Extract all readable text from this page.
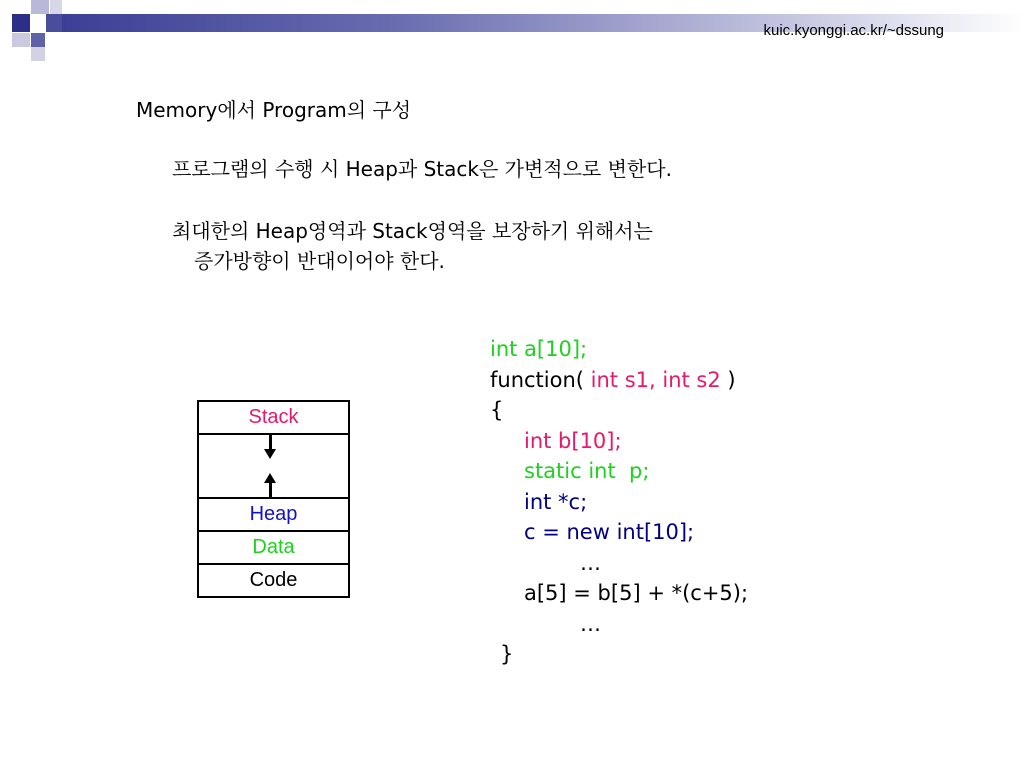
kuic.kyonggi.ac.kr/~dssung
Memory에서 Program의 구성
프로그램의 수행 시 Heap과 Stack은 가변적으로 변한다.
최대한의 Heap영역과 Stack영역을 보장하기 위해서는
증가방향이 반대이어야 한다.
Stack
Heap
Data
Code
int a[10];
function( int s1, int s2 )
{
int b[10];
static int  p;
int *c;
c = new int[10];
…
a[5] = b[5] + *(c+5);
…
}
